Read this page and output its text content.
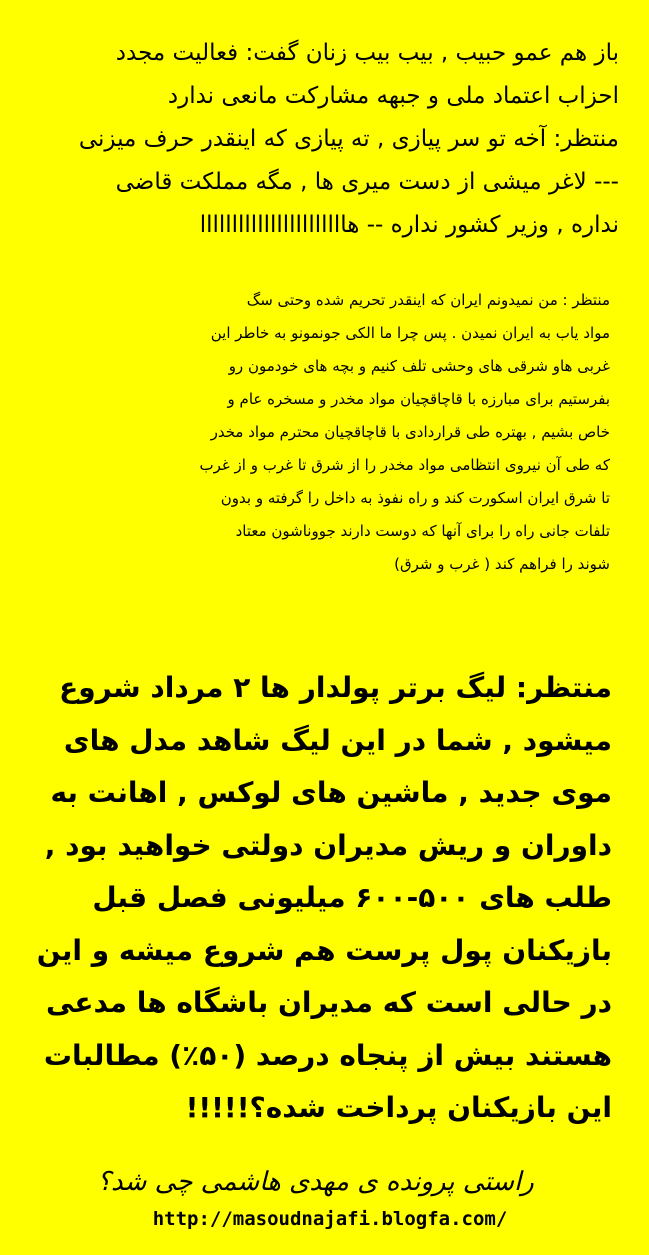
باز هم عمو حبیب , بیب بیب زنان گفت: فعالیت مجدد

احزاب اعتماد ملی و جبهه مشارکت مانعی ندارد

منتظر: آخه تو سر پیازی , ته پیازی که اینقدر حرف میزنی

--- لاغر میشی از دست میری ها , مگه مملکت قاضی

نداره , وزیر کشور نداره -- هااااااااااااااااااااااا

منتظر : من نمیدونم ایران که اینقدر تحریم شده وحتی سگ

مواد یاب به ایران نمیدن . پس چرا ما الکی جونمونو به خاطر این

غربی هاو شرقی های وحشی تلف کنیم و بچه های خودمون رو

بفرستیم برای مبارزه با قاچاقچیان مواد مخدر و مسخره عام و

خاص بشیم , بهتره طی قراردادی با قاچاقچیان محترم مواد مخدر

که طی آن نیروی انتظامی مواد مخدر را از شرق تا غرب و از غرب

تا شرق ایران اسکورت کند و راه نفوذ به داخل را گرفته و بدون

تلفات جانی راه را برای آنها که دوست دارند جووناشون معتاد

شوند را فراهم کند ( غرب و شرق)

منتظر: لیگ برتر پولدار ها ۲ مرداد شروع

میشود , شما در این لیگ شاهد مدل های

موی جدید , ماشین های لوکس , اهانت به

داوران و ریش مدیران دولتی خواهید بود ,

طلب های ۵۰۰-۶۰۰ میلیونی فصل قبل

بازیکنان پول پرست هم شروع میشه و این

در حالی است که مدیران باشگاه ها مدعی

هستند بیش از پنجاه درصد (۵۰٪) مطالبات

این بازیکنان پرداخت شده؟!!!!!

راستی پرونده ی مهدی هاشمی چی شد؟

http://masoudnajafi.blogfa.com/
